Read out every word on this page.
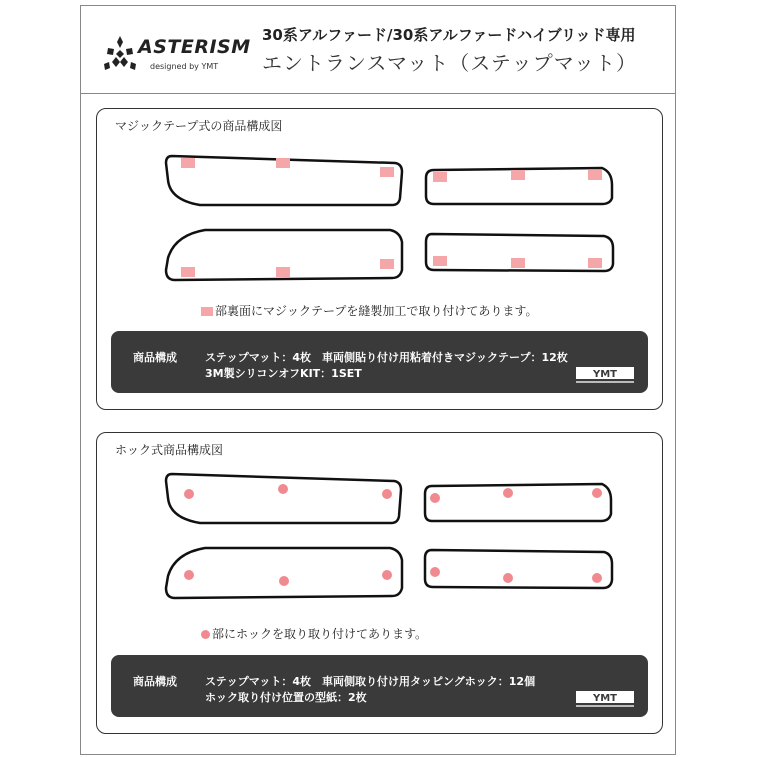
ASTERISM
designed by YMT
30系アルファード/30系アルファードハイブリッド専用
エントランスマット（ステップマット）
マジックテープ式の商品構成図
部裏面にマジックテープを縫製加工で取り付けてあります。
商品構成	ステップマット：4枚　車両側貼り付け用粘着付きマジックテープ：12枚
3M製シリコンオフKIT：1SET	YMT
ホック式商品構成図
部にホックを取り取り付けてあります。
商品構成	ステップマット：4枚　車両側取り付け用タッピングホック：12個
ホック取り付け位置の型紙：2枚	YMT
